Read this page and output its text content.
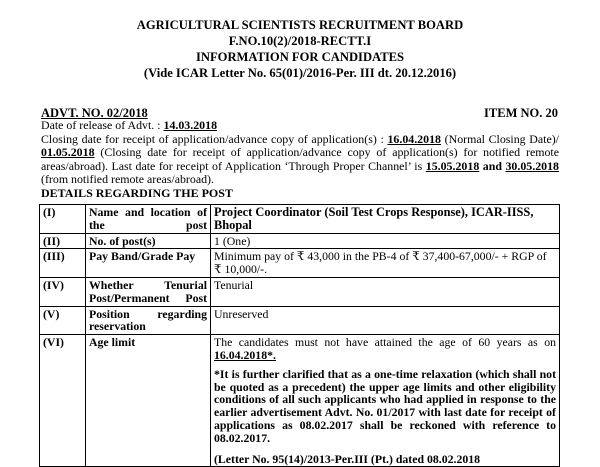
AGRICULTURAL SCIENTISTS RECRUITMENT BOARD
F.NO.10(2)/2018-RECTT.I
INFORMATION FOR CANDIDATES
(Vide ICAR Letter No. 65(01)/2016-Per. III dt. 20.12.2016)
ADVT. NO. 02/2018	ITEM NO. 20
Date of release of Advt. : 14.03.2018
Closing date for receipt of application/advance copy of application(s) : 16.04.2018 (Normal Closing Date)/ 01.05.2018 (Closing date for receipt of application/advance copy of application(s) for notified remote areas/abroad). Last date for receipt of Application ‘Through Proper Channel’ is 15.05.2018 and 30.05.2018 (from notified remote areas/abroad).
DETAILS REGARDING THE POST
(I)	Name and location of the post	Project Coordinator (Soil Test Crops Response), ICAR-IISS, Bhopal
(II)	No. of post(s)	1 (One)
(III)	Pay Band/Grade Pay	Minimum pay of ₹ 43,000 in the PB-4 of ₹ 37,400-67,000/- + RGP of ₹ 10,000/-.
(IV)	Whether Tenurial Post/Permanent Post	Tenurial
(V)	Position regarding reservation	Unreserved
(VI)	Age limit	The candidates must not have attained the age of 60 years as on 16.04.2018*.
*It is further clarified that as a one-time relaxation (which shall not be quoted as a precedent) the upper age limits and other eligibility conditions of all such applicants who had applied in response to the earlier advertisement Advt. No. 01/2017 with last date for receipt of applications as 08.02.2017 shall be reckoned with reference to 08.02.2017.
(Letter No. 95(14)/2013-Per.III (Pt.) dated 08.02.2018
